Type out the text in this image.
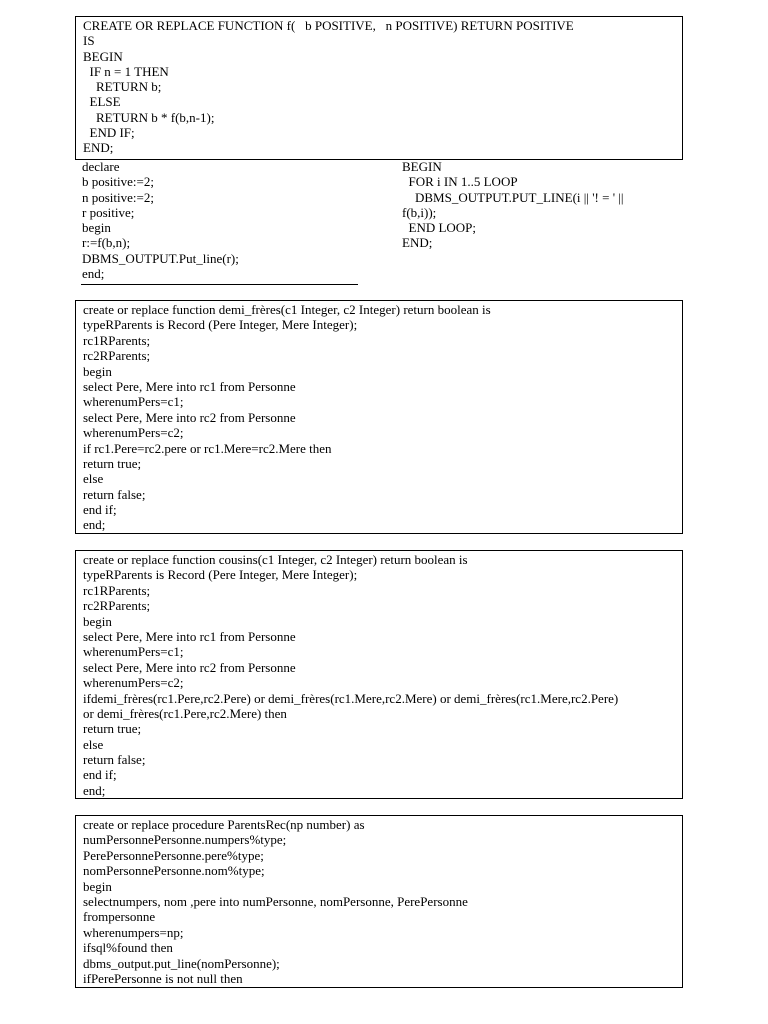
CREATE OR REPLACE FUNCTION f(   b POSITIVE,   n POSITIVE) RETURN POSITIVE
IS
BEGIN
IF n = 1 THEN
RETURN b;
ELSE
RETURN b * f(b,n-1);
END IF;
END;
declare
b positive:=2;
n positive:=2;
r positive;
begin
r:=f(b,n);
DBMS_OUTPUT.Put_line(r);
end;
BEGIN
FOR i IN 1..5 LOOP
DBMS_OUTPUT.PUT_LINE(i || '! = ' ||
f(b,i));
END LOOP;
END;
create or replace function demi_frères(c1 Integer, c2 Integer) return boolean is
typeRParents is Record (Pere Integer, Mere Integer);
rc1RParents;
rc2RParents;
begin
select Pere, Mere into rc1 from Personne
wherenumPers=c1;
select Pere, Mere into rc2 from Personne
wherenumPers=c2;
if rc1.Pere=rc2.pere or rc1.Mere=rc2.Mere then
return true;
else
return false;
end if;
end;
create or replace function cousins(c1 Integer, c2 Integer) return boolean is
typeRParents is Record (Pere Integer, Mere Integer);
rc1RParents;
rc2RParents;
begin
select Pere, Mere into rc1 from Personne
wherenumPers=c1;
select Pere, Mere into rc2 from Personne
wherenumPers=c2;
ifdemi_frères(rc1.Pere,rc2.Pere) or demi_frères(rc1.Mere,rc2.Mere) or demi_frères(rc1.Mere,rc2.Pere)
or demi_frères(rc1.Pere,rc2.Mere) then
return true;
else
return false;
end if;
end;
create or replace procedure ParentsRec(np number) as
numPersonnePersonne.numpers%type;
PerePersonnePersonne.pere%type;
nomPersonnePersonne.nom%type;
begin
selectnumpers, nom ,pere into numPersonne, nomPersonne, PerePersonne
frompersonne
wherenumpers=np;
ifsql%found then
dbms_output.put_line(nomPersonne);
ifPerePersonne is not null then
